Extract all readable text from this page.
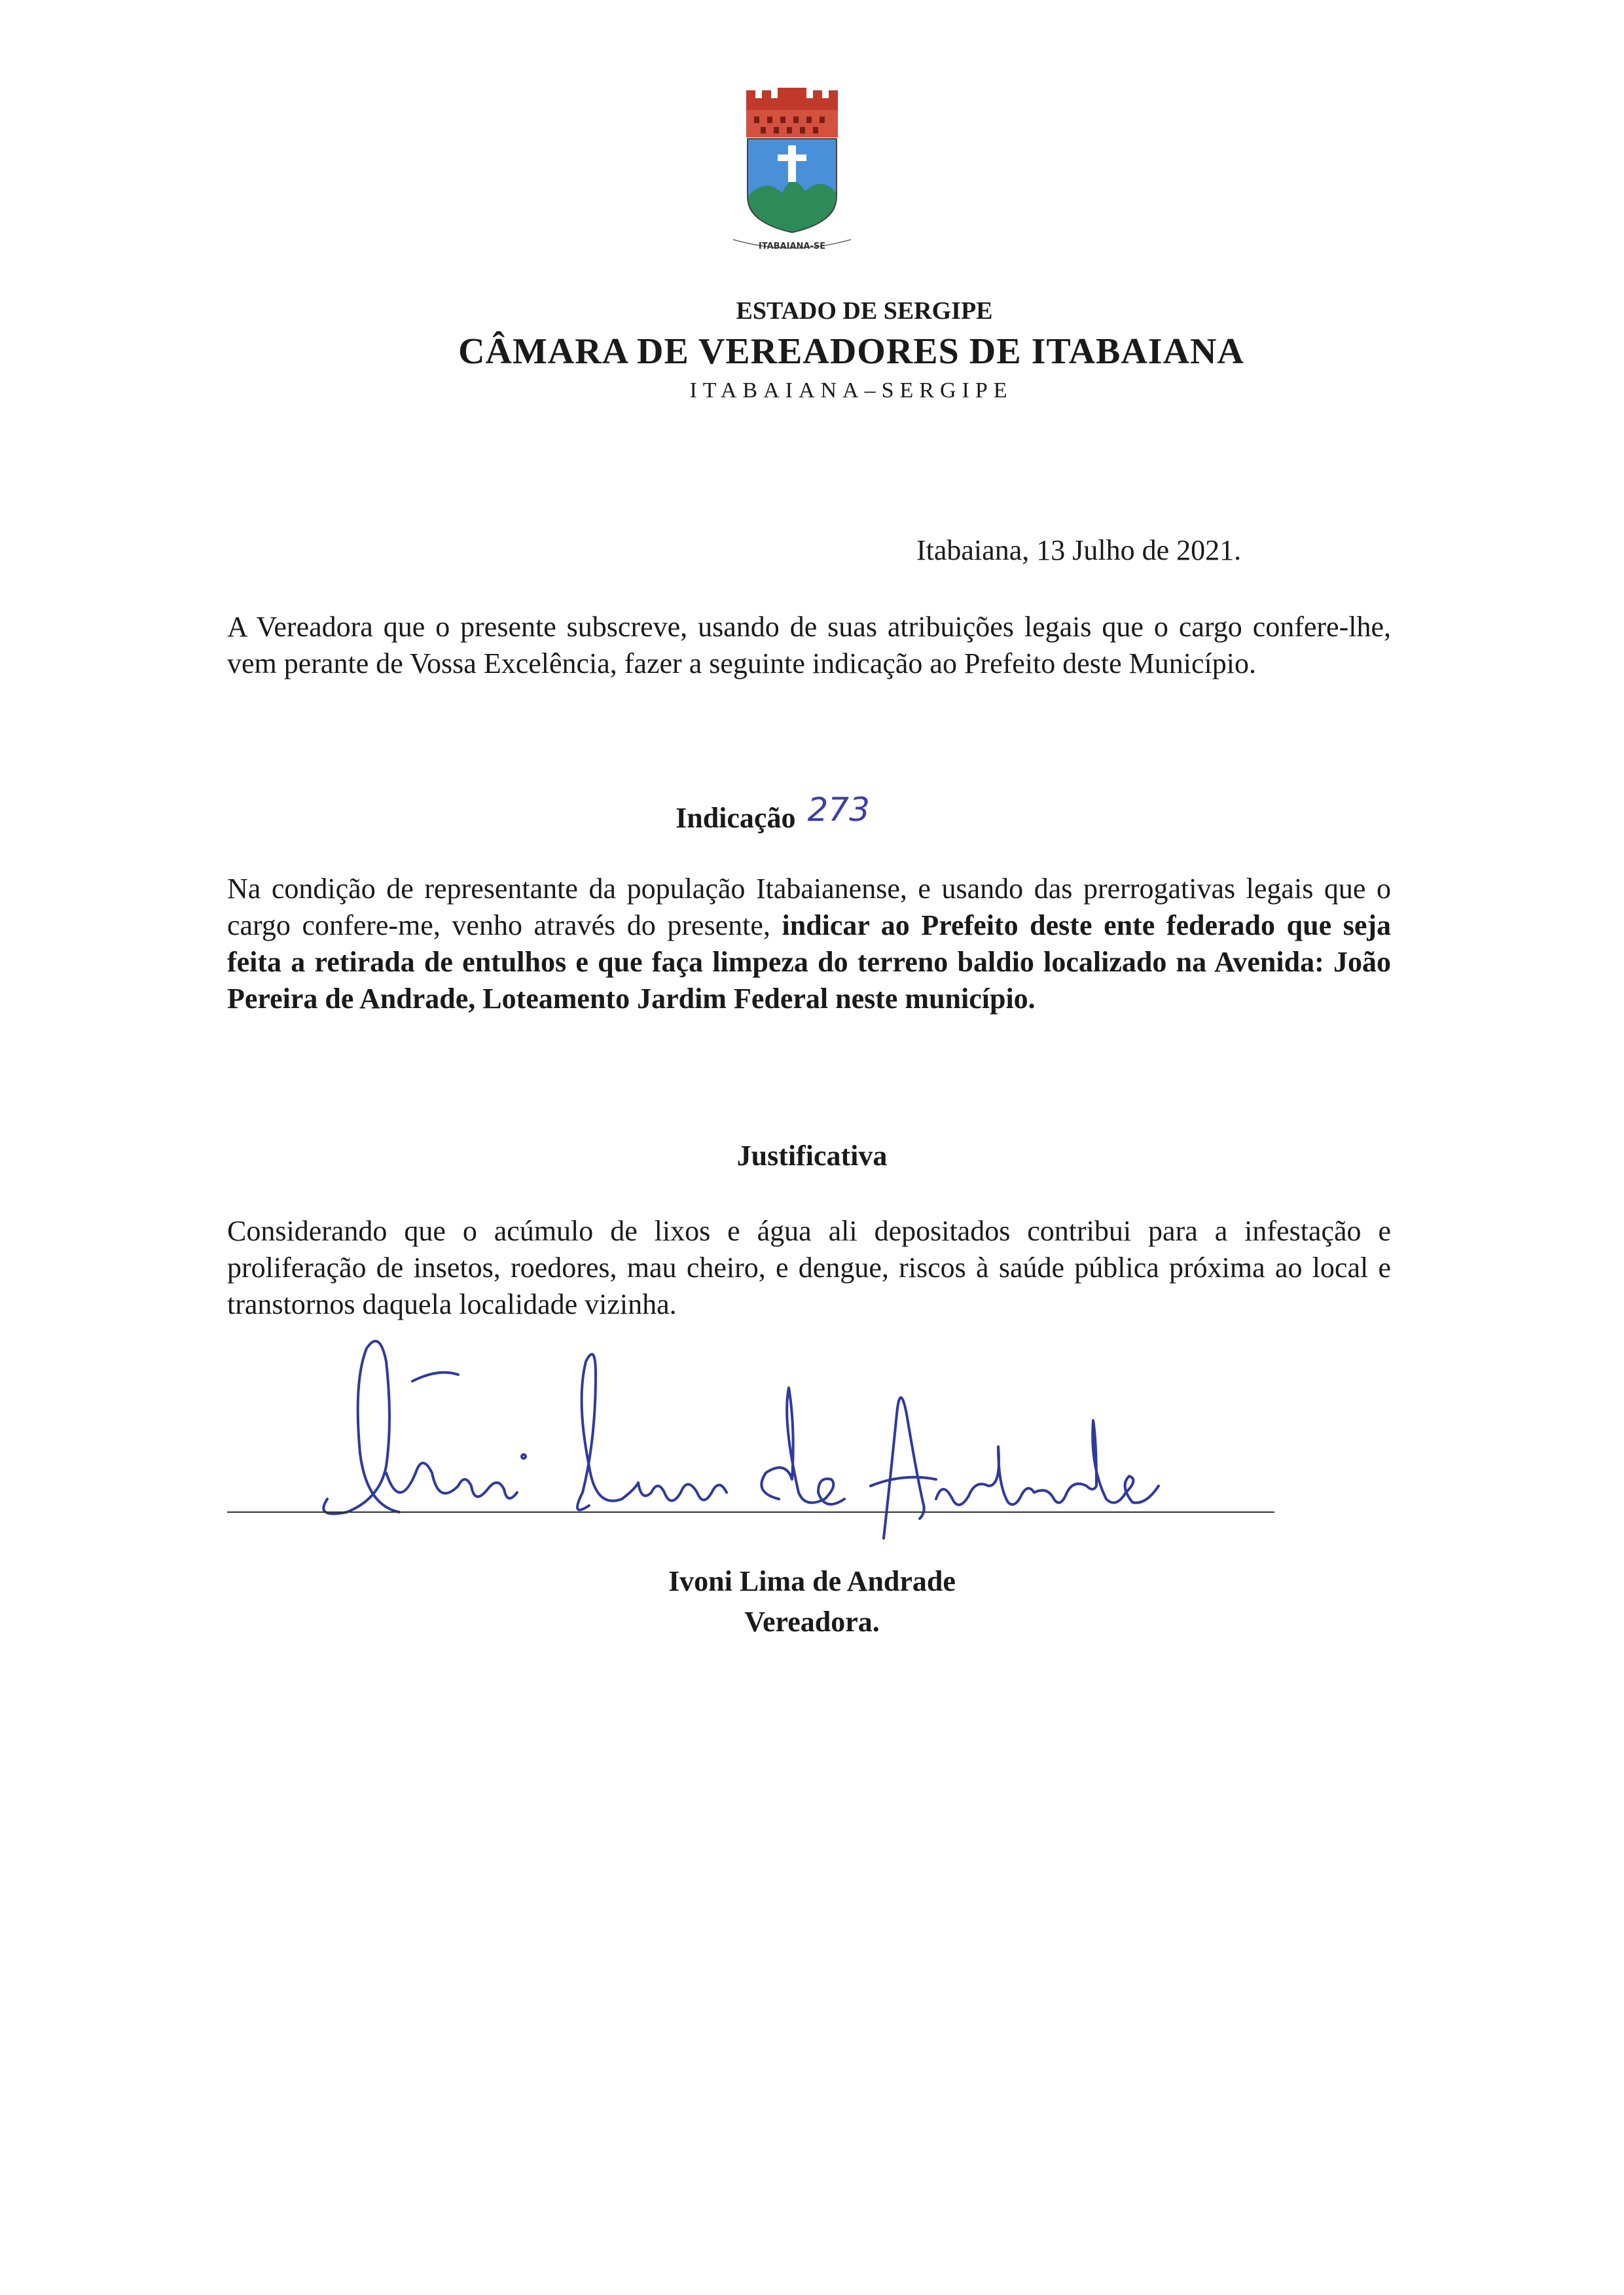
ITABAIANA-SE
ESTADO DE SERGIPE
CÂMARA DE VEREADORES DE ITABAIANA
ITABAIANA–SERGIPE
Itabaiana, 13 Julho de 2021.
A Vereadora que o presente subscreve, usando de suas atribuições legais que o cargo confere-lhe, vem perante de Vossa Excelência, fazer a seguinte indicação ao Prefeito deste Município.
Indicação 273
Na condição de representante da população Itabaianense, e usando das prerrogativas legais que o cargo confere-me, venho através do presente, indicar ao Prefeito deste ente federado que seja feita a retirada de entulhos e que faça limpeza do terreno baldio localizado na Avenida: João Pereira de Andrade, Loteamento Jardim Federal neste município.
Justificativa
Considerando que o acúmulo de lixos e água ali depositados contribui para a infestação e proliferação de insetos, roedores, mau cheiro, e dengue, riscos à saúde pública próxima ao local e transtornos daquela localidade vizinha.
Ivoni Lima de Andrade
Ivoni Lima de Andrade
Vereadora.
